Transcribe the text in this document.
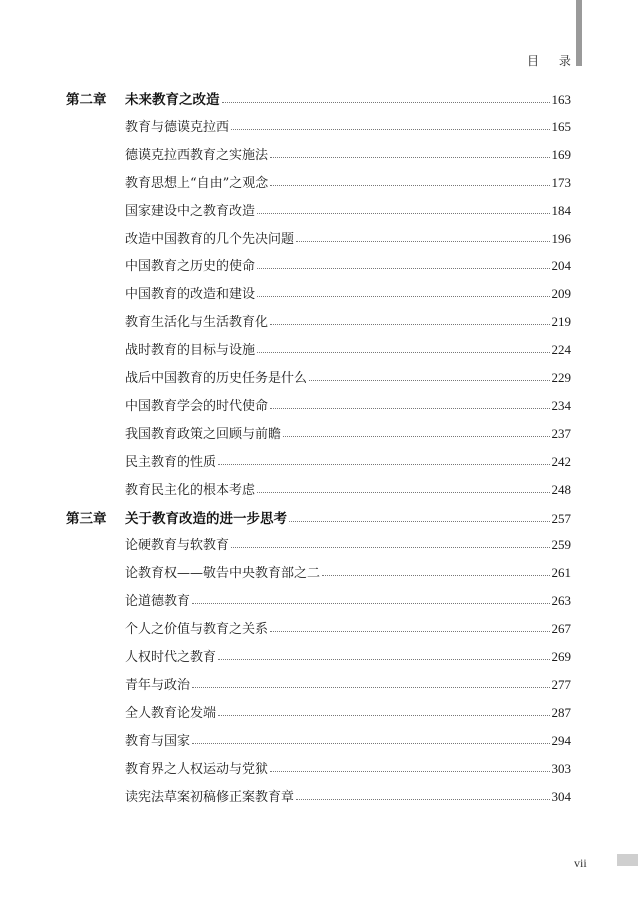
目 录
第二章 未来教育之改造	163
教育与德谟克拉西	165
德谟克拉西教育之实施法	169
教育思想上“自由”之观念	173
国家建设中之教育改造	184
改造中国教育的几个先决问题	196
中国教育之历史的使命	204
中国教育的改造和建设	209
教育生活化与生活教育化	219
战时教育的目标与设施	224
战后中国教育的历史任务是什么	229
中国教育学会的时代使命	234
我国教育政策之回顾与前瞻	237
民主教育的性质	242
教育民主化的根本考虑	248
第三章 关于教育改造的进一步思考	257
论硬教育与软教育	259
论教育权——敬告中央教育部之二	261
论道德教育	263
个人之价值与教育之关系	267
人权时代之教育	269
青年与政治	277
全人教育论发端	287
教育与国家	294
教育界之人权运动与党狱	303
读宪法草案初稿修正案教育章	304
vii
